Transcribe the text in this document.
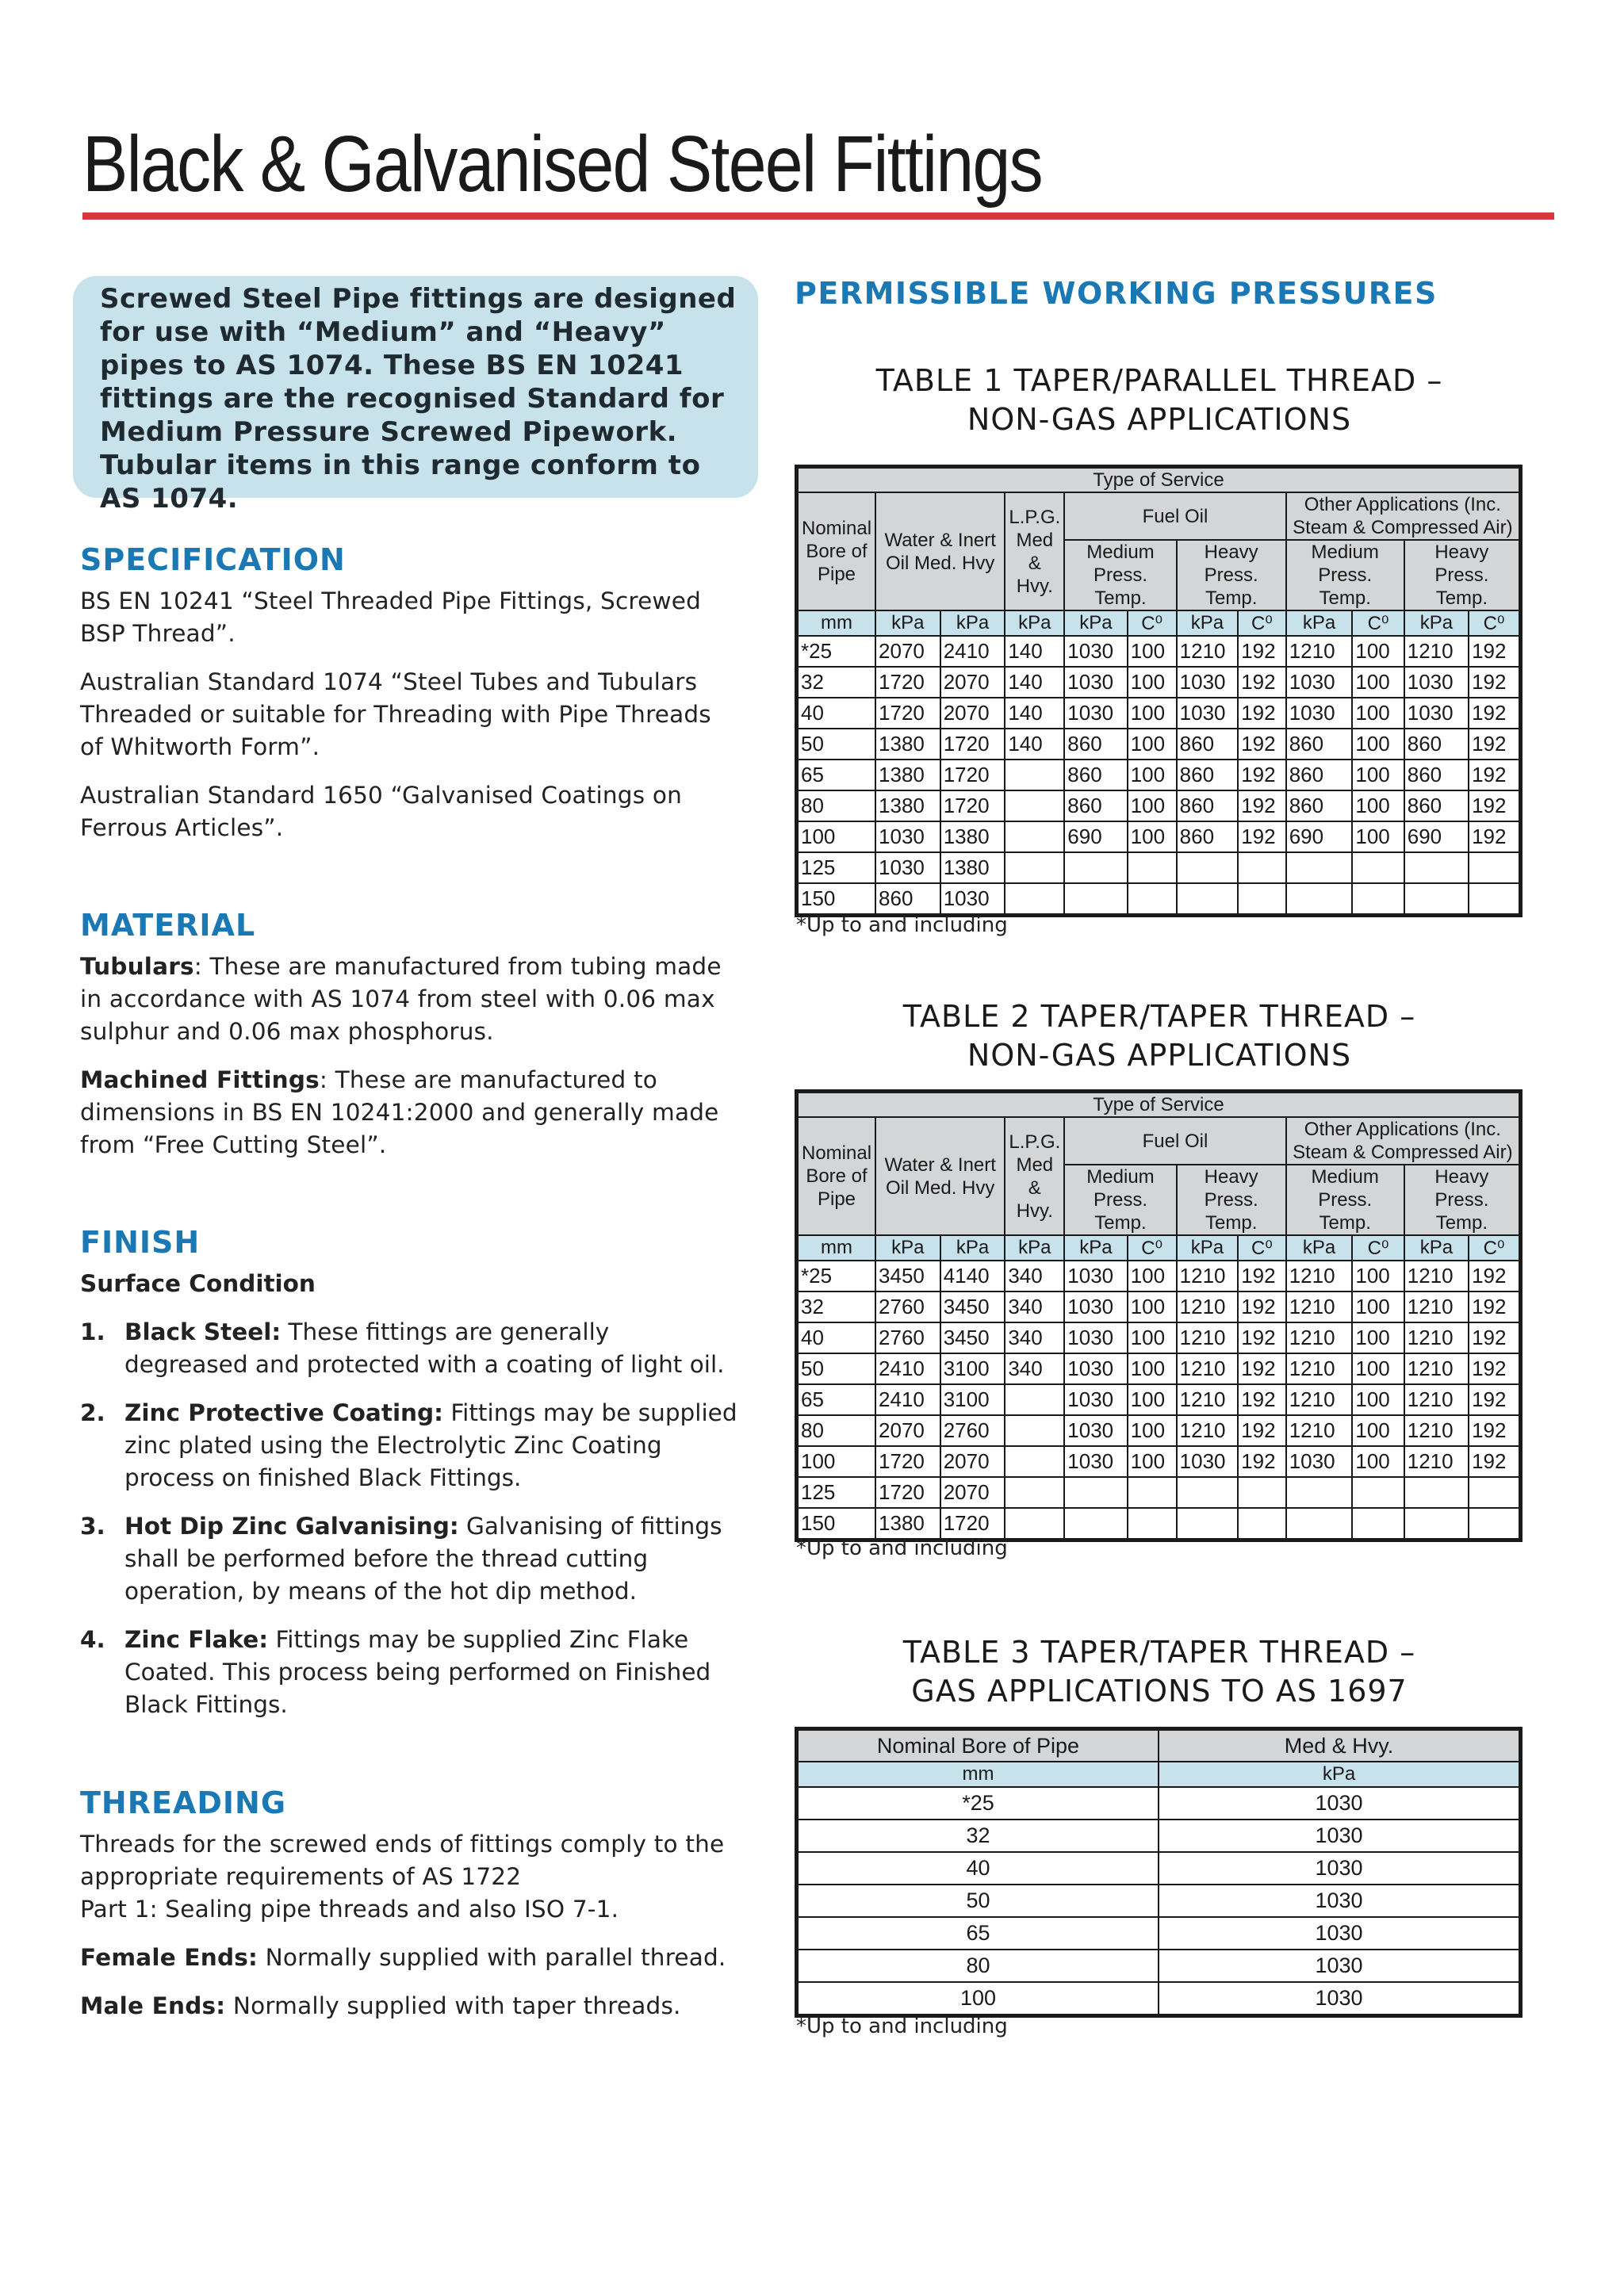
Black & Galvanised Steel Fittings
Screwed Steel Pipe fittings are designed for use with “Medium” and “Heavy” pipes to AS 1074. These BS EN 10241 fittings are the recognised Standard for Medium Pressure Screwed Pipework. Tubular items in this range conform to AS 1074.
SPECIFICATION

BS EN 10241 “Steel Threaded Pipe Fittings, Screwed BSP Thread”.

Australian Standard 1074 “Steel Tubes and Tubulars Threaded or suitable for Threading with Pipe Threads of Whitworth Form”.

Australian Standard 1650 “Galvanised Coatings on Ferrous Articles”.

MATERIAL

Tubulars: These are manufactured from tubing made in accordance with AS 1074 from steel with 0.06 max sulphur and 0.06 max phosphorus.

Machined Fittings: These are manufactured to dimensions in BS EN 10241:2000 and generally made from “Free Cutting Steel”.

FINISH

Surface Condition

1. Black Steel: These fittings are generally degreased and protected with a coating of light oil.
2. Zinc Protective Coating: Fittings may be supplied zinc plated using the Electrolytic Zinc Coating process on finished Black Fittings.
3. Hot Dip Zinc Galvanising: Galvanising of fittings shall be performed before the thread cutting operation, by means of the hot dip method.
4. Zinc Flake: Fittings may be supplied Zinc Flake Coated. This process being performed on Finished Black Fittings.
THREADING

Threads for the screwed ends of fittings comply to the appropriate requirements of AS 1722
Part 1: Sealing pipe threads and also ISO 7-1.

Female Ends: Normally supplied with parallel thread.

Male Ends: Normally supplied with taper threads.

PERMISSIBLE WORKING PRESSURES
TABLE 1 TAPER/PARALLEL THREAD –
NON-GAS APPLICATIONS
Type of Service											
Nominal Bore of Pipe	Water & Inert Oil Med. Hvy		L.P.G. Med & Hvy.	Fuel Oil				Other Applications (Inc. Steam & Compressed Air)			
				Medium Press. Temp.		Heavy Press. Temp.		Medium Press. Temp.		Heavy Press. Temp.	

mm	kPa	kPa	kPa	kPa	C⁰	kPa	C⁰	kPa	C⁰	kPa	C⁰
*25	2070	2410	140	1030	100	1210	192	1210	100	1210	192
32	1720	2070	140	1030	100	1030	192	1030	100	1030	192
40	1720	2070	140	1030	100	1030	192	1030	100	1030	192
50	1380	1720	140	860	100	860	192	860	100	860	192
65	1380	1720		860	100	860	192	860	100	860	192
80	1380	1720		860	100	860	192	860	100	860	192
100	1030	1380		690	100	860	192	690	100	690	192
125	1030	1380									
150	860	1030									
*Up to and including
TABLE 2 TAPER/TAPER THREAD –
NON-GAS APPLICATIONS
Type of Service											
Nominal Bore of Pipe	Water & Inert Oil Med. Hvy		L.P.G. Med & Hvy.	Fuel Oil				Other Applications (Inc. Steam & Compressed Air)			
				Medium Press. Temp.		Heavy Press. Temp.		Medium Press. Temp.		Heavy Press. Temp.	

mm	kPa	kPa	kPa	kPa	C⁰	kPa	C⁰	kPa	C⁰	kPa	C⁰
*25	3450	4140	340	1030	100	1210	192	1210	100	1210	192
32	2760	3450	340	1030	100	1210	192	1210	100	1210	192
40	2760	3450	340	1030	100	1210	192	1210	100	1210	192
50	2410	3100	340	1030	100	1210	192	1210	100	1210	192
65	2410	3100		1030	100	1210	192	1210	100	1210	192
80	2070	2760		1030	100	1210	192	1210	100	1210	192
100	1720	2070		1030	100	1030	192	1030	100	1210	192
125	1720	2070									
150	1380	1720									
*Up to and including
TABLE 3 TAPER/TAPER THREAD –
GAS APPLICATIONS TO AS 1697
Nominal Bore of Pipe	Med & Hvy.
mm	kPa
*25	1030
32	1030
40	1030
50	1030
65	1030
80	1030
100	1030
*Up to and including
